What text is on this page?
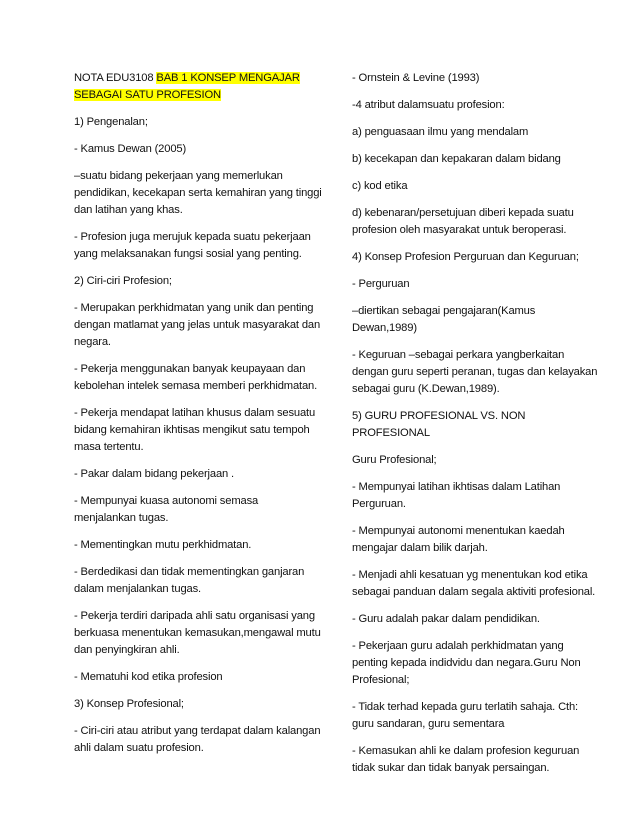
NOTA EDU3108 BAB 1 KONSEP MENGAJAR
SEBAGAI SATU PROFESION

1) Pengenalan;

- Kamus Dewan (2005)

–suatu bidang pekerjaan yang memerlukan pendidikan, kecekapan serta kemahiran yang tinggi dan latihan yang khas.

- Profesion juga merujuk kepada suatu pekerjaan yang melaksanakan fungsi sosial yang penting.

2) Ciri-ciri Profesion;

- Merupakan perkhidmatan yang unik dan penting dengan matlamat yang jelas untuk masyarakat dan negara.

- Pekerja menggunakan banyak keupayaan dan kebolehan intelek semasa memberi perkhidmatan.

- Pekerja mendapat latihan khusus dalam sesuatu bidang kemahiran ikhtisas mengikut satu tempoh masa tertentu.

- Pakar dalam bidang pekerjaan .

- Mempunyai kuasa autonomi semasa menjalankan tugas.

- Mementingkan mutu perkhidmatan.

- Berdedikasi dan tidak mementingkan ganjaran dalam menjalankan tugas.

- Pekerja terdiri daripada ahli satu organisasi yang berkuasa menentukan kemasukan,mengawal mutu dan penyingkiran ahli.

- Mematuhi kod etika profesion

3) Konsep Profesional;

- Ciri-ciri atau atribut yang terdapat dalam kalangan ahli dalam suatu profesion.

- Ornstein & Levine (1993)

-4 atribut dalamsuatu profesion:

a) penguasaan ilmu yang mendalam

b) kecekapan dan kepakaran dalam bidang

c) kod etika

d) kebenaran/persetujuan diberi kepada suatu profesion oleh masyarakat untuk beroperasi.

4) Konsep Profesion Perguruan dan Keguruan;

- Perguruan

–diertikan sebagai pengajaran(Kamus Dewan,1989)

- Keguruan –sebagai perkara yangberkaitan dengan guru seperti peranan, tugas dan kelayakan sebagai guru (K.Dewan,1989).

5) GURU PROFESIONAL VS. NON PROFESIONAL

Guru Profesional;

- Mempunyai latihan ikhtisas dalam Latihan Perguruan.

- Mempunyai autonomi menentukan kaedah mengajar dalam bilik darjah.

- Menjadi ahli kesatuan yg menentukan kod etika sebagai panduan dalam segala aktiviti profesional.

- Guru adalah pakar dalam pendidikan.

- Pekerjaan guru adalah perkhidmatan yang penting kepada indidvidu dan negara.Guru Non Profesional;

- Tidak terhad kepada guru terlatih sahaja. Cth: guru sandaran, guru sementara

- Kemasukan ahli ke dalam profesion keguruan tidak sukar dan tidak banyak persaingan.
